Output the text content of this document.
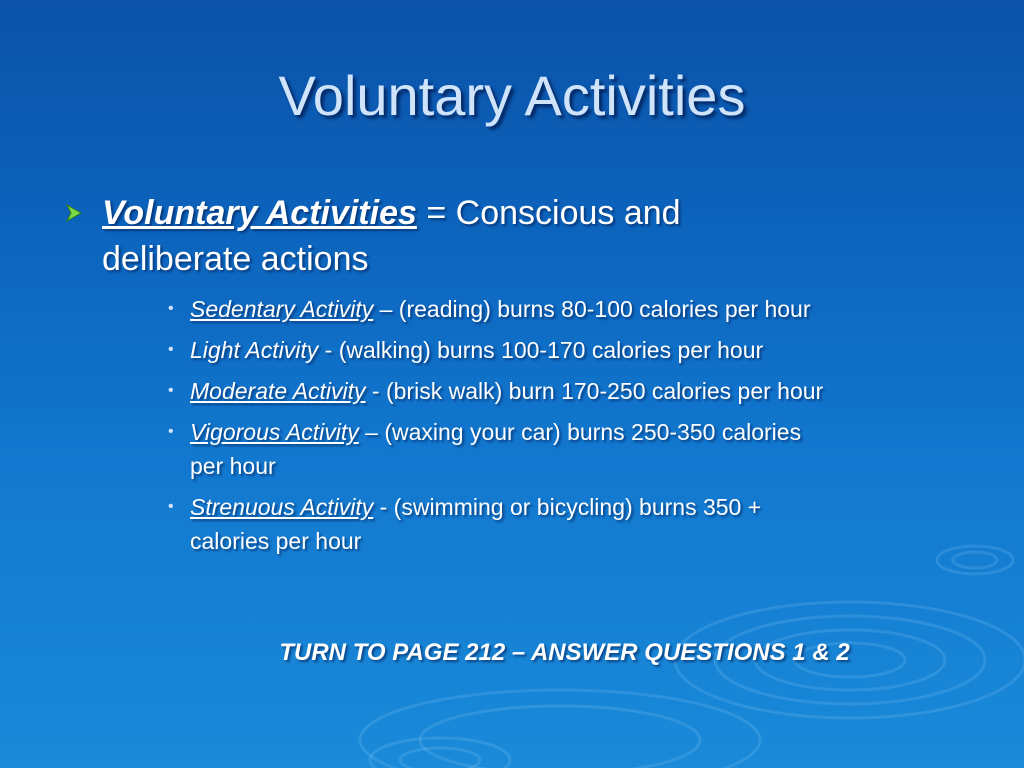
Voluntary Activities
Voluntary Activities = Conscious and deliberate actions
• Sedentary Activity – (reading) burns 80-100 calories per hour
• Light Activity - (walking) burns 100-170 calories per hour
• Moderate Activity - (brisk walk) burn 170-250 calories per hour
• Vigorous Activity – (waxing your car) burns 250-350 calories per hour
• Strenuous Activity - (swimming or bicycling) burns 350 + calories per hour
TURN TO PAGE 212 – ANSWER QUESTIONS 1 & 2
